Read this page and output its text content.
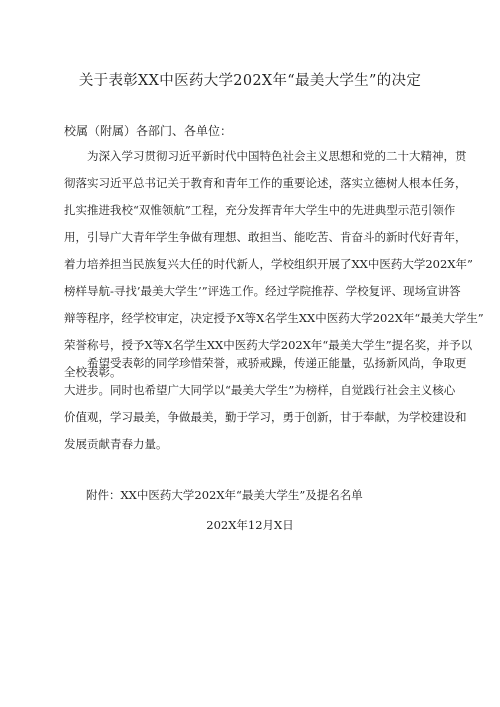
关于表彰XX中医药大学202X年“最美大学生”的决定
校属（附属）各部门、各单位：
为深入学习贯彻习近平新时代中国特色社会主义思想和党的二十大精神，贯
彻落实习近平总书记关于教育和青年工作的重要论述，落实立德树人根本任务，
扎实推进我校“双惟领航”工程，充分发挥青年大学生中的先进典型示范引领作
用，引导广大青年学生争做有理想、敢担当、能吃苦、肯奋斗的新时代好青年，
着力培养担当民族复兴大任的时代新人，学校组织开展了XX中医药大学202X年”
榜样导航-寻找’最美大学生’”评选工作。经过学院推荐、学校复评、现场宣讲答
辩等程序，经学校审定，决定授予X等X名学生XX中医药大学202X年“最美大学生”
荣誉称号，授予X等X名学生XX中医药大学202X年“最美大学生”提名奖，并予以
全校表彰。
希望受表彰的同学珍惜荣誉，戒骄戒躁，传递正能量，弘扬新风尚，争取更
大进步。同时也希望广大同学以“最美大学生”为榜样，自觉践行社会主义核心
价值观，学习最美，争做最美，勤于学习，勇于创新，甘于奉献，为学校建设和
发展贡献青春力量。
附件：XX中医药大学202X年“最美大学生”及提名名单
202X年12月X日
